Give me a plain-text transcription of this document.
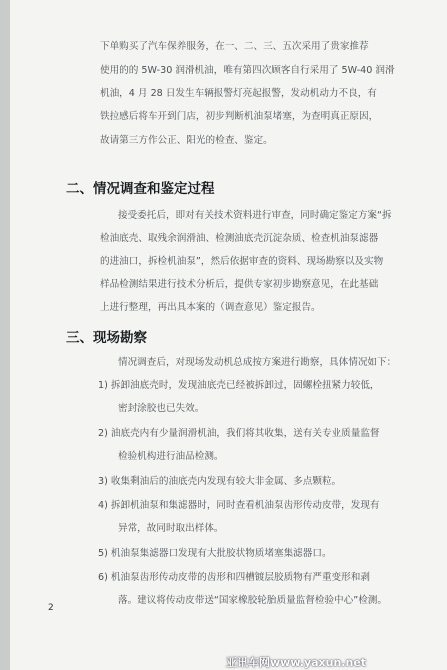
下单购买了汽车保养服务，在一、二、三、五次采用了贵家推荐
使用的的 5W-30 润滑机油，唯有第四次顾客自行采用了 5W-40 润滑
机油，4 月 28 日发生车辆报警灯亮起报警，发动机动力不良，有
铁拉感后将车开到门店，初步判断机油泵堵塞，为查明真正原因，
故请第三方作公正、阳光的检查、鉴定。
二、情况调查和鉴定过程
接受委托后，即对有关技术资料进行审查，同时确定鉴定方案“拆
检油底壳、取残余润滑油、检测油底壳沉淀杂质、检查机油泵滤器
的进油口，拆检机油泵”，然后依据审查的资料、现场勘察以及实物
样品检测结果进行技术分析后，提供专家初步勘察意见，在此基础
上进行整理，再出具本案的（调查意见）鉴定报告。
三、现场勘察
情况调查后，对现场发动机总成按方案进行勘察，具体情况如下：
1) 拆卸油底壳时，发现油底壳已经被拆卸过，固螺栓扭紧力较低，
密封涂胶也已失效。
2) 油底壳内有少量润滑机油，我们将其收集，送有关专业质量监督
检验机构进行油品检测。
3) 收集剩油后的油底壳内发现有较大非金属、多点颗粒。
4) 拆卸机油泵和集滤器时，同时查看机油泵齿形传动皮带，发现有
异常，故同时取出样体。
5) 机油泵集滤器口发现有大批胶状物质堵塞集滤器口。
6) 机油泵齿形传动皮带的齿形和四槽镀层胶质物有严重变形和剥
落。建议将传动皮带送“国家橡胶轮胎质量监督检验中心”检测。
2
亚讯车网www.yaxun.net
